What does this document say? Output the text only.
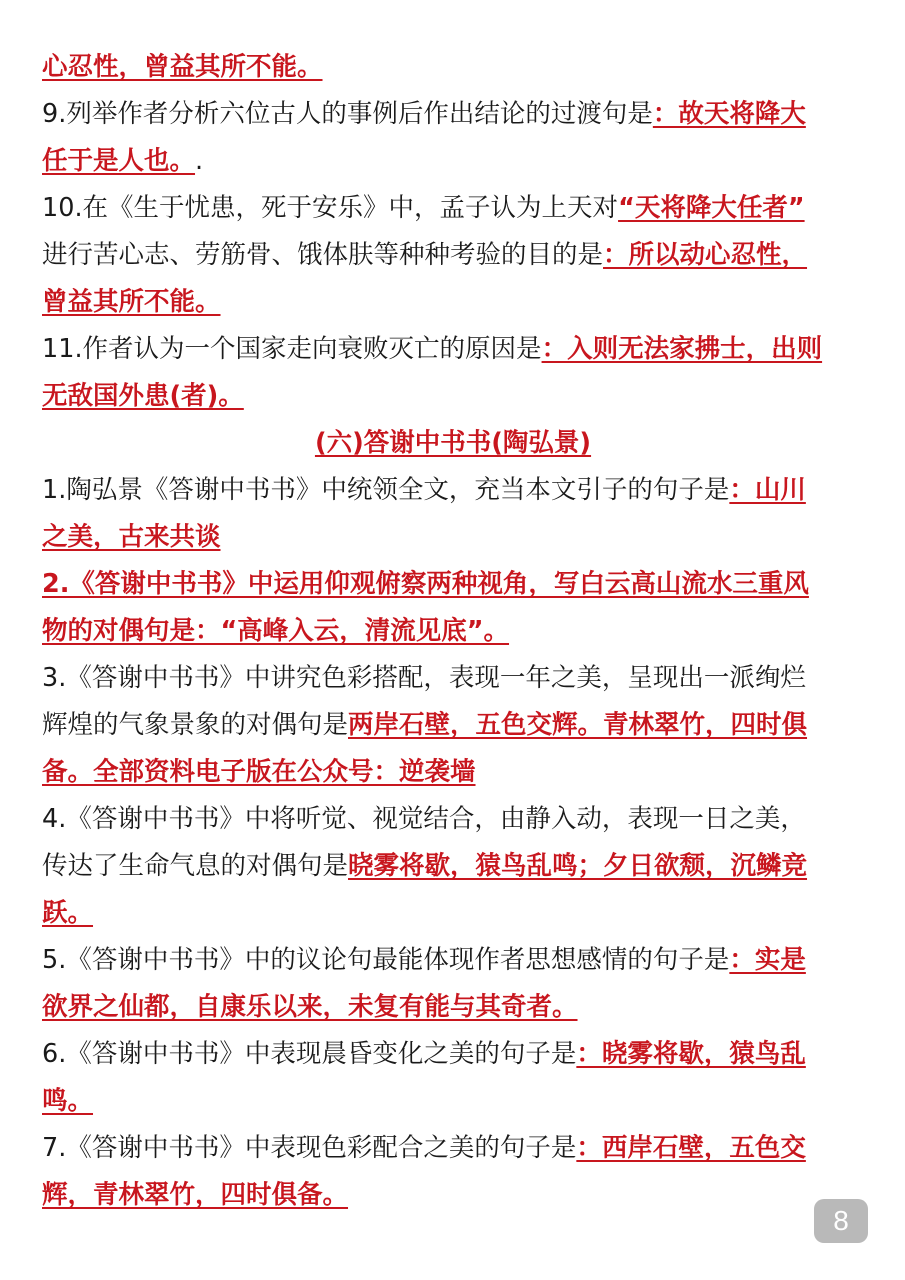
心忍性，曾益其所不能。
9.列举作者分析六位古人的事例后作出结论的过渡句是：故天将降大
任于是人也。.
10.在《生于忧患，死于安乐》中，孟子认为上天对“天将降大任者”
进行苦心志、劳筋骨、饿体肤等种种考验的目的是：所以动心忍性，
曾益其所不能。
11.作者认为一个国家走向衰败灭亡的原因是：入则无法家拂士，出则
无敌国外患(者)。
(六)答谢中书书(陶弘景)
1.陶弘景《答谢中书书》中统领全文，充当本文引子的句子是：山川
之美，古来共谈
2.《答谢中书书》中运用仰观俯察两种视角，写白云高山流水三重风
物的对偶句是：“高峰入云，清流见底”。
3.《答谢中书书》中讲究色彩搭配，表现一年之美，呈现出一派绚烂
辉煌的气象景象的对偶句是两岸石壁，五色交辉。青林翠竹，四时俱
备。全部资料电子版在公众号：逆袭墙
4.《答谢中书书》中将听觉、视觉结合，由静入动，表现一日之美，
传达了生命气息的对偶句是晓雾将歇，猿鸟乱鸣；夕日欲颓，沉鳞竞
跃。
5.《答谢中书书》中的议论句最能体现作者思想感情的句子是：实是
欲界之仙都，自康乐以来，未复有能与其奇者。
6.《答谢中书书》中表现晨昏变化之美的句子是：晓雾将歇，猿鸟乱
鸣。
7.《答谢中书书》中表现色彩配合之美的句子是：西岸石壁，五色交
辉，青林翠竹，四时俱备。
8
